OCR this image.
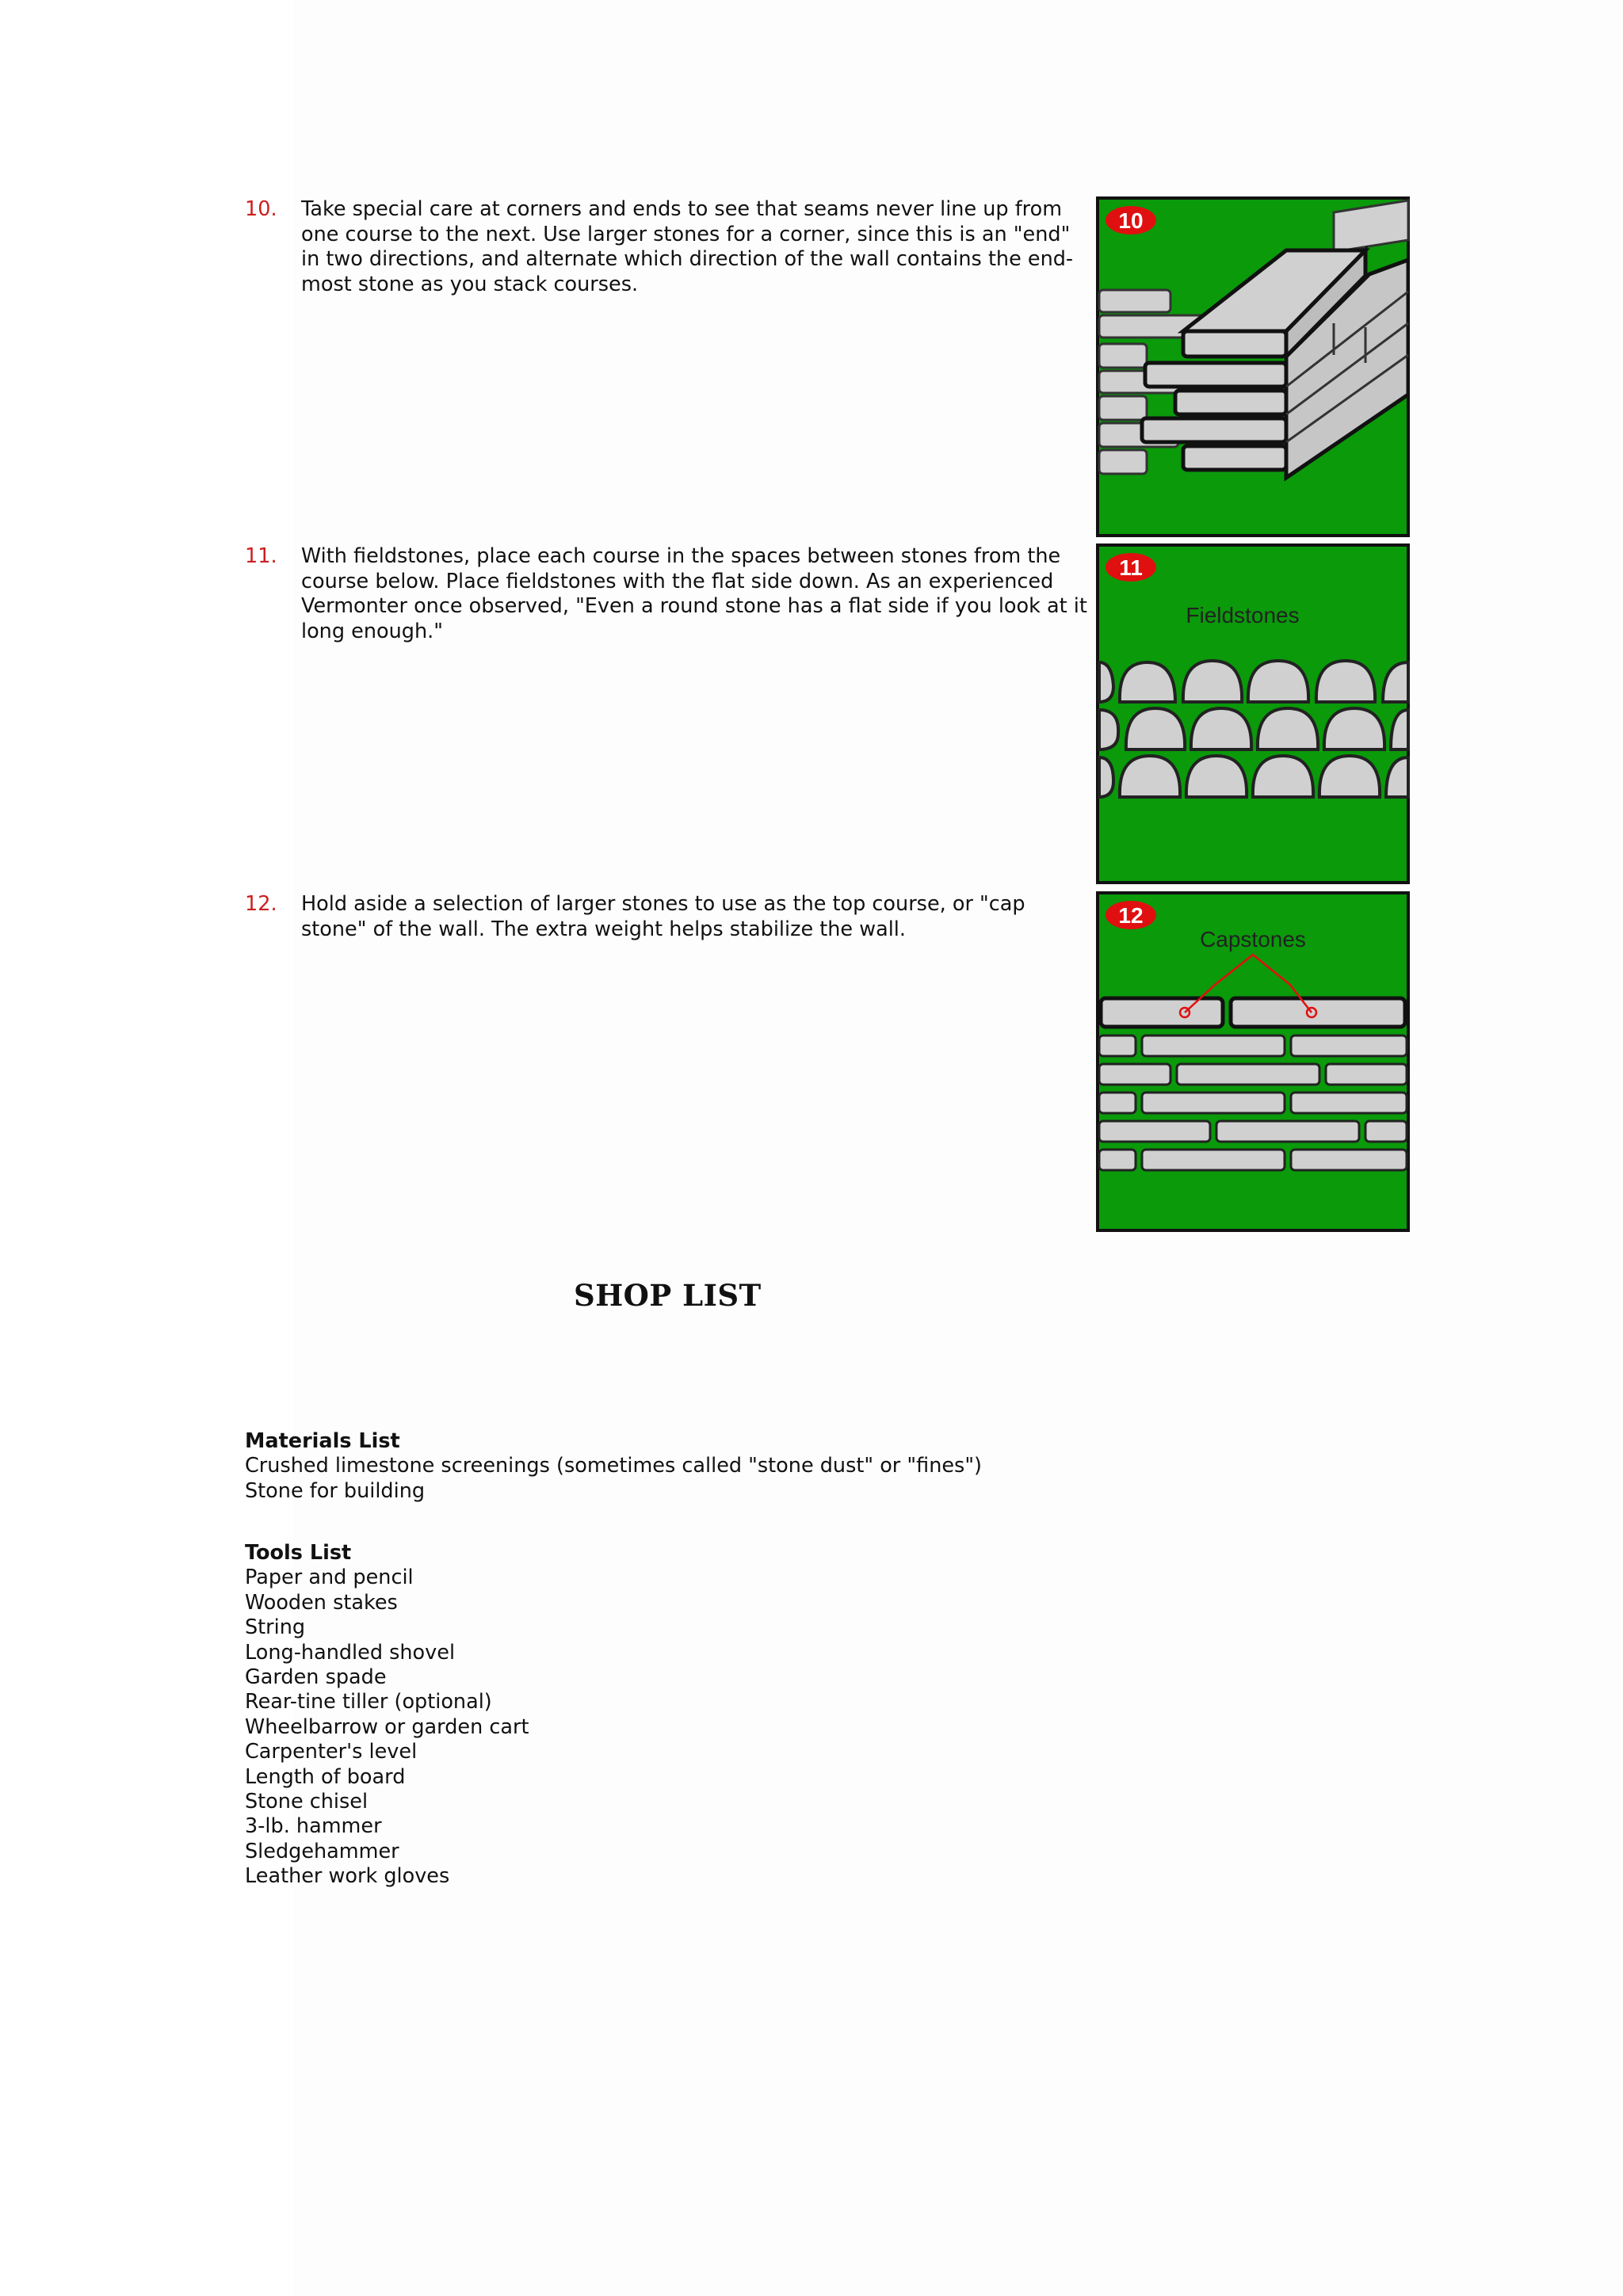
10. Take special care at corners and ends to see that seams never line up from one course to the next. Use larger stones for a corner, since this is an "end" in two directions, and alternate which direction of the wall contains the end-most stone as you stack courses.
10
11. With fieldstones, place each course in the spaces between stones from the course below. Place fieldstones with the flat side down. As an experienced Vermonter once observed, "Even a round stone has a flat side if you look at it long enough."
Fieldstones
11
12. Hold aside a selection of larger stones to use as the top course, or "cap stone" of the wall. The extra weight helps stabilize the wall.	Capstones
12
SHOP LIST
Materials List
Crushed limestone screenings (sometimes called "stone dust" or "fines")
Stone for building
Tools List
Paper and pencil
Wooden stakes
String
Long-handled shovel
Garden spade
Rear-tine tiller (optional)
Wheelbarrow or garden cart
Carpenter's level
Length of board
Stone chisel
3-lb. hammer
Sledgehammer
Leather work gloves
